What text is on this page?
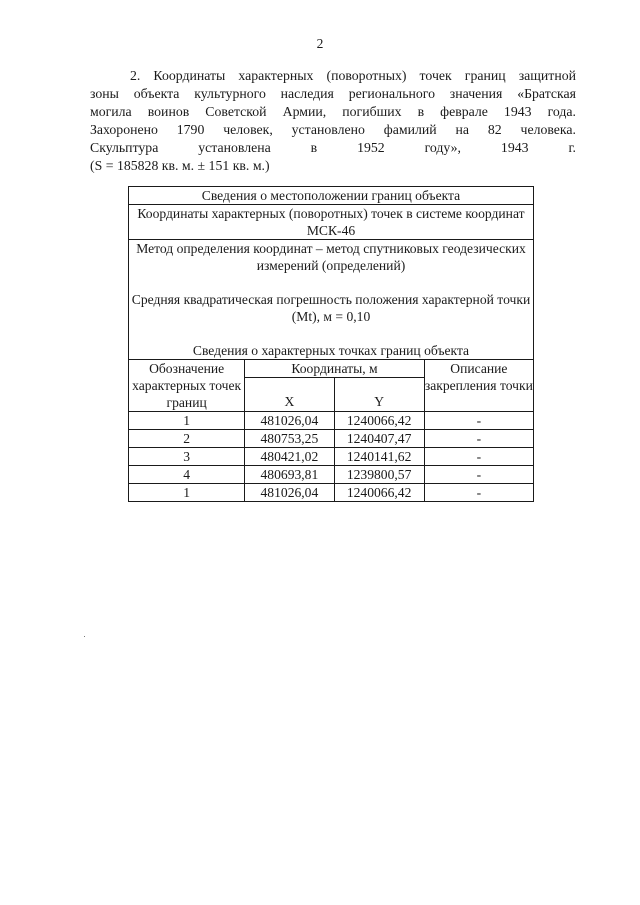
2
2. Координаты характерных (поворотных) точек границ защитной
зоны объекта культурного наследия регионального значения «Братская
могила воинов Советской Армии, погибших в феврале 1943 года.
Захоронено 1790 человек, установлено фамилий на 82 человека.
Скульптура установлена в 1952 году», 1943 г.
(S = 185828 кв. м. ± 151 кв. м.)
Сведения о местоположении границ объекта			
Координаты характерных (поворотных) точек в системе координат МСК-46			
Метод определения координат – метод спутниковых геодезических измерений (определений)
Средняя квадратическая погрешность положения характерной точки (Mt), м = 0,10
Сведения о характерных точках границ объекта			
Обозначение характерных точек границ	Координаты, м		Описание закрепления точки
	X	Y	
1	481026,04	1240066,42	-
2	480753,25	1240407,47	-
3	480421,02	1240141,62	-
4	480693,81	1239800,57	-
1	481026,04	1240066,42	-
